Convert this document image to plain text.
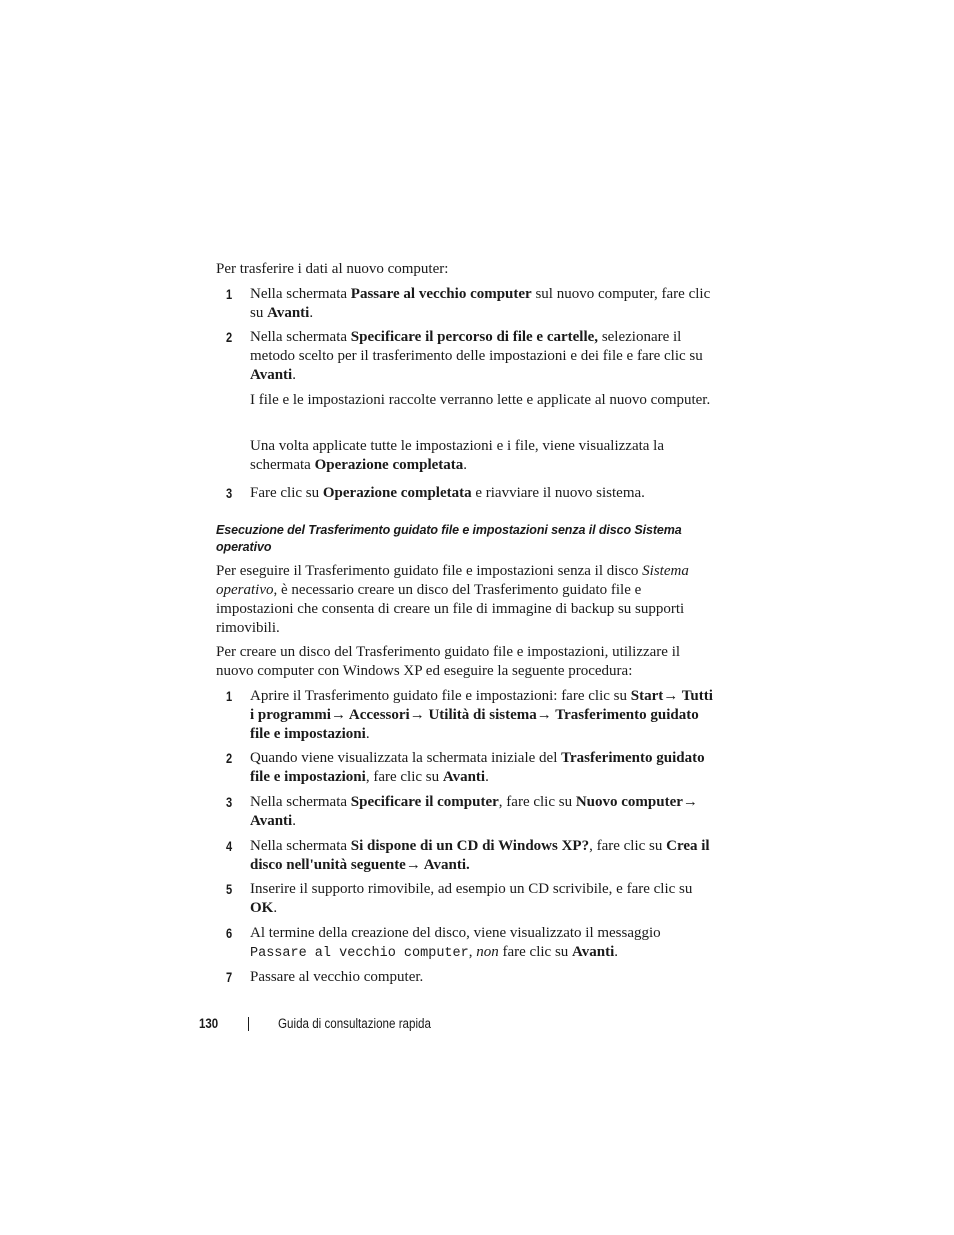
Per trasferire i dati al nuovo computer:

1 Nella schermata Passare al vecchio computer sul nuovo computer, fare clic su Avanti.

2 Nella schermata Specificare il percorso di file e cartelle, selezionare il metodo scelto per il trasferimento delle impostazioni e dei file e fare clic su Avanti.

I file e le impostazioni raccolte verranno lette e applicate al nuovo computer.

Una volta applicate tutte le impostazioni e i file, viene visualizzata la schermata Operazione completata.

3 Fare clic su Operazione completata e riavviare il nuovo sistema.

Esecuzione del Trasferimento guidato file e impostazioni senza il disco Sistema operativo

Per eseguire il Trasferimento guidato file e impostazioni senza il disco Sistema operativo, è necessario creare un disco del Trasferimento guidato file e impostazioni che consenta di creare un file di immagine di backup su supporti rimovibili.

Per creare un disco del Trasferimento guidato file e impostazioni, utilizzare il nuovo computer con Windows XP ed eseguire la seguente procedura:

1 Aprire il Trasferimento guidato file e impostazioni: fare clic su Start→ Tutti i programmi→ Accessori→ Utilità di sistema→ Trasferimento guidato file e impostazioni.

2 Quando viene visualizzata la schermata iniziale del Trasferimento guidato file e impostazioni, fare clic su Avanti.

3 Nella schermata Specificare il computer, fare clic su Nuovo computer→ Avanti.

4 Nella schermata Si dispone di un CD di Windows XP?, fare clic su Crea il disco nell'unità seguente→ Avanti.

5 Inserire il supporto rimovibile, ad esempio un CD scrivibile, e fare clic su OK.

6 Al termine della creazione del disco, viene visualizzato il messaggio Passare al vecchio computer, non fare clic su Avanti.

7 Passare al vecchio computer.

130	Guida di consultazione rapida
